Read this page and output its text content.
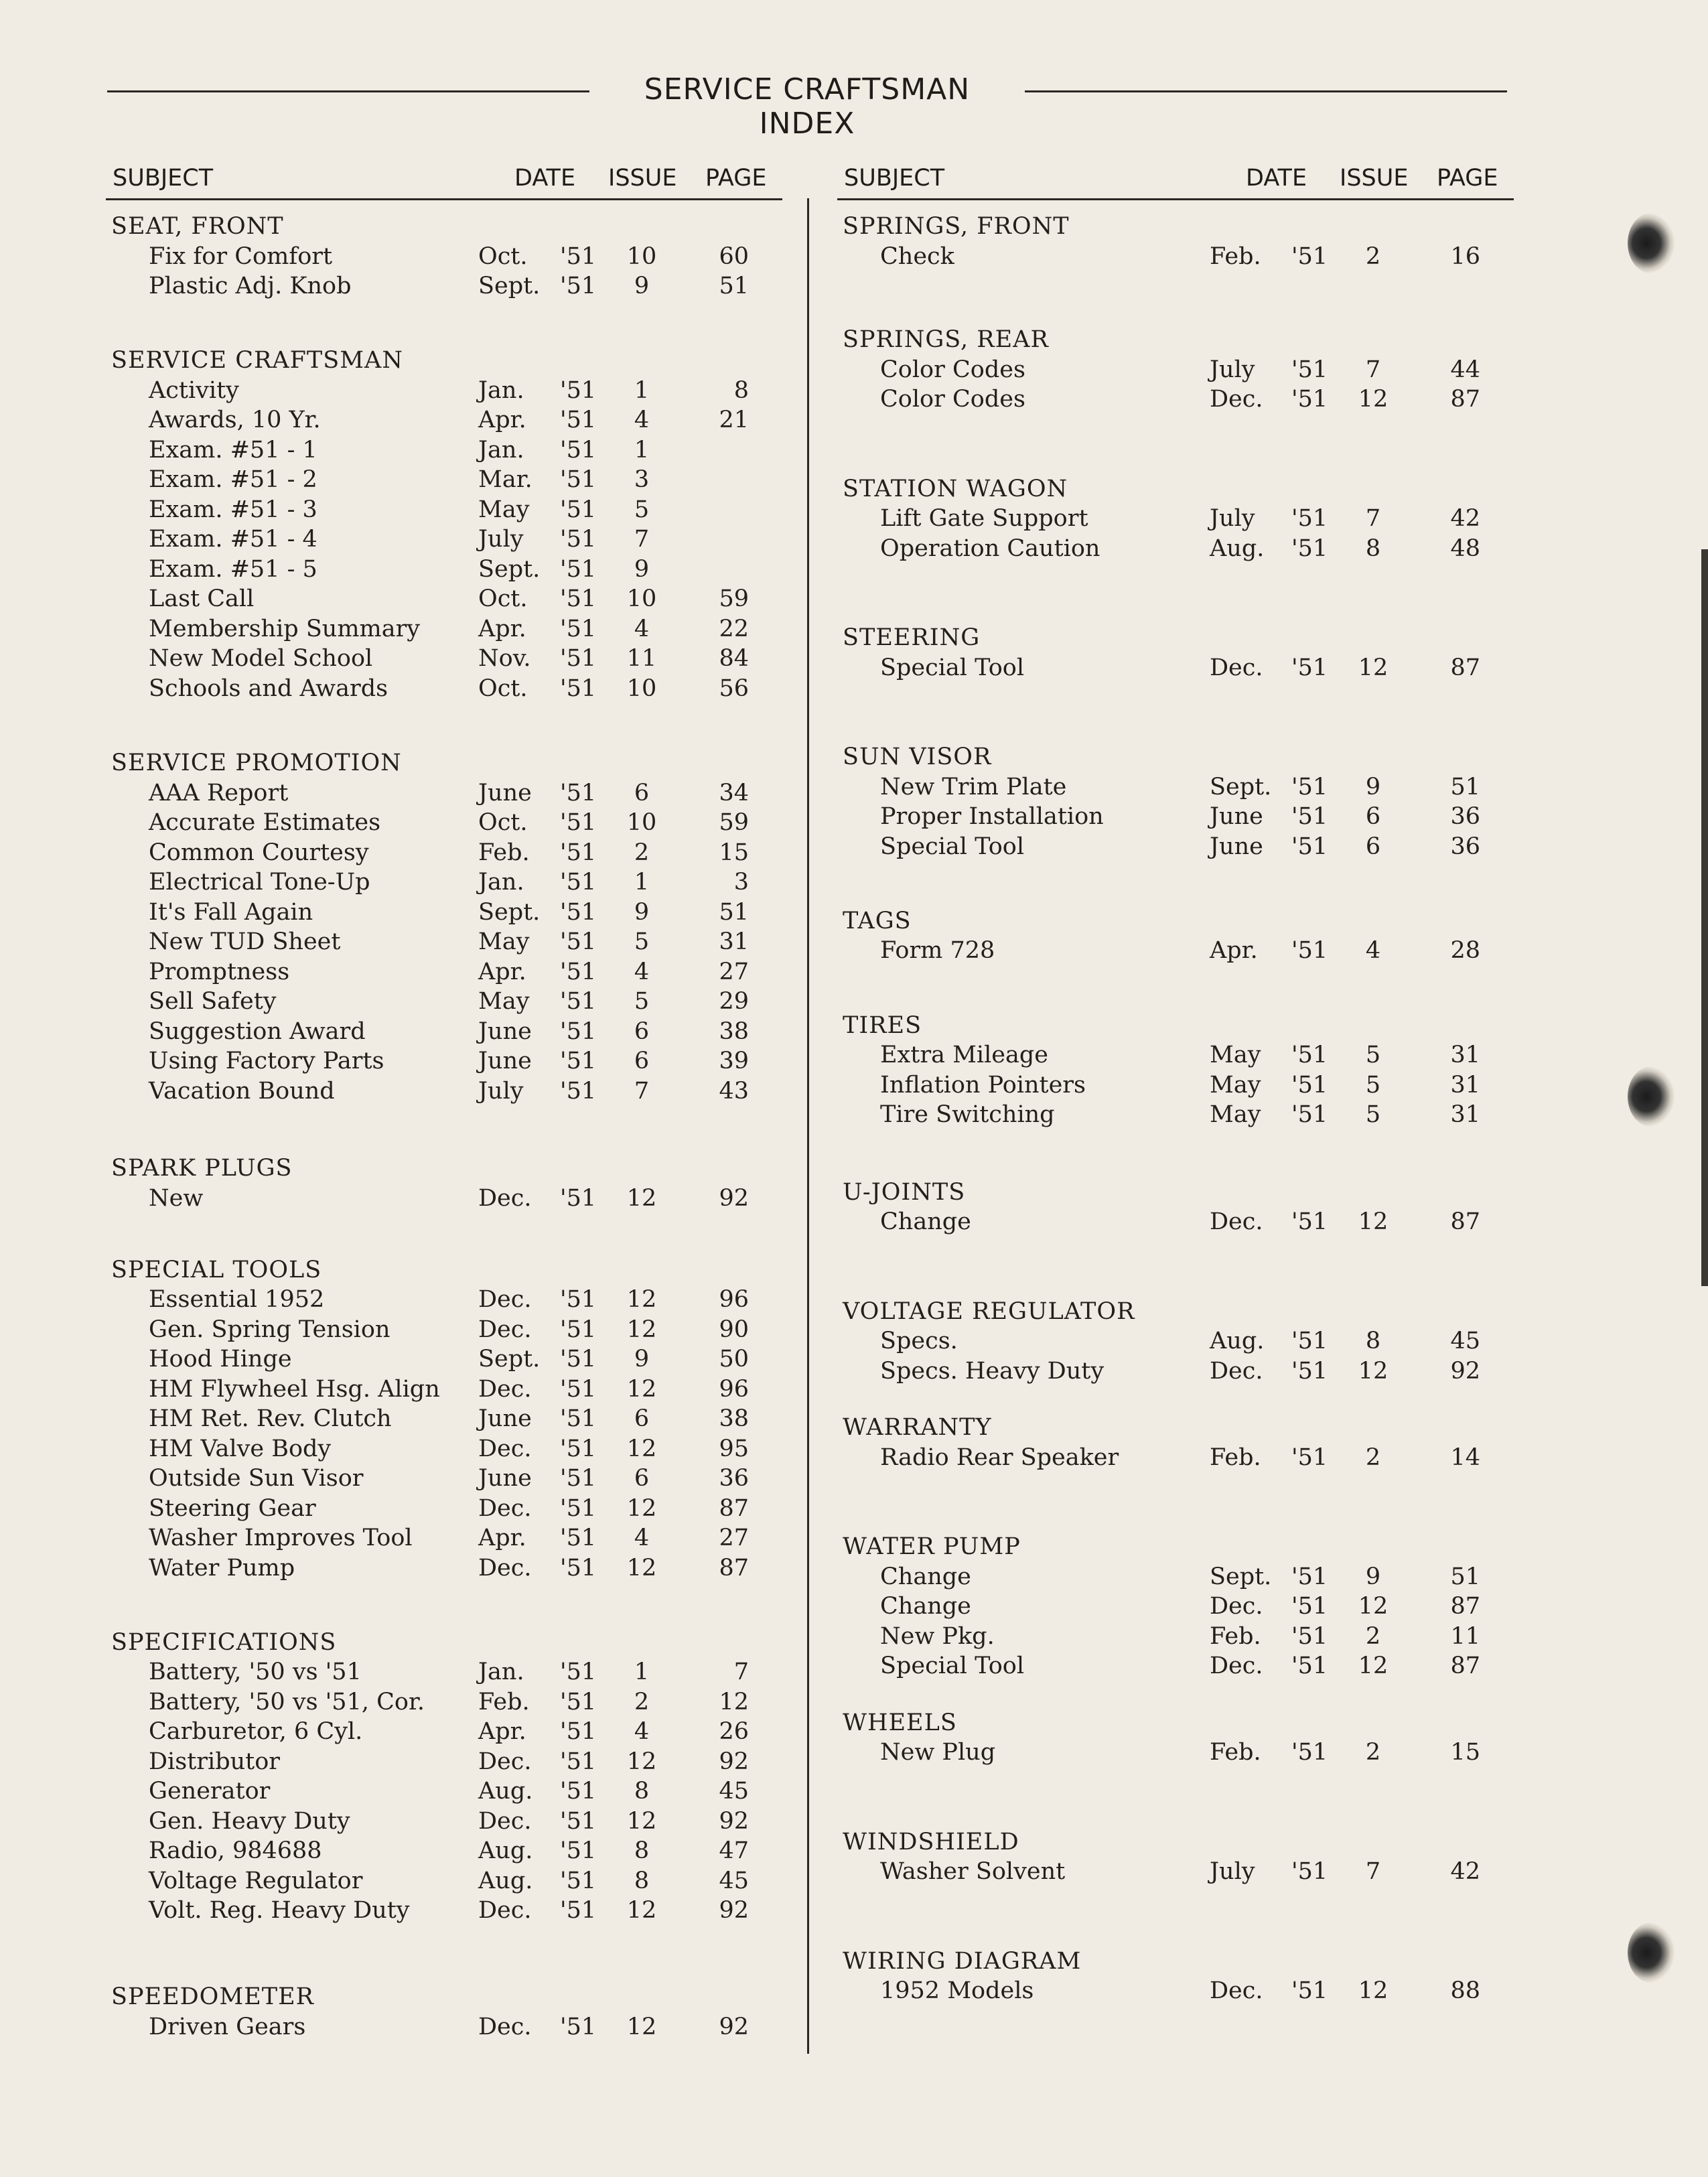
SERVICE CRAFTSMAN INDEX
SUBJECT	DATE ISSUE PAGE
SEAT, FRONT
Fix for Comfort	Oct. '51 10	60
Plastic Adj. Knob	Sept. '51	9	51
SERVICE CRAFTSMAN
Activity	Jan. '51	1	8
Awards, 10 Yr.	Apr. '51	4	21
Exam. #51 - 1	Jan. '51	1
Exam. #51 - 2	Mar. '51	3
Exam. #51 - 3	May '51	5
Exam. #51 - 4	July '51	7
Exam. #51 - 5	Sept. '51	9
Last Call	Oct. '51 10	59
Membership Summary Apr. '51	4	22
New Model School	Nov. '51 11	84
Schools and Awards	Oct. '51 10	56
SERVICE PROMOTION
AAA Report	June '51	6	34
Accurate Estimates	Oct. '51 10	59
Common Courtesy	Feb. '51	2	15
Electrical Tone-Up	Jan. '51	1	3
It's Fall Again	Sept. '51	9	51
New TUD Sheet	May '51	5	31
Promptness	Apr. '51	4	27
Sell Safety	May '51	5	29
Suggestion Award	June '51	6	38
Using Factory Parts	June '51	6	39
Vacation Bound	July '51	7	43
SPARK PLUGS
New	Dec. '51 12	92
SPECIAL TOOLS
Essential 1952	Dec. '51 12	96
Gen. Spring Tension	Dec. '51 12	90
Hood Hinge	Sept. '51	9	50
HM Flywheel Hsg. Align Dec. '51 12	96
HM Ret. Rev. Clutch	June '51	6	38
HM Valve Body	Dec. '51 12	95
Outside Sun Visor	June '51	6	36
Steering Gear	Dec. '51 12	87
Washer Improves Tool	Apr. '51	4	27
Water Pump	Dec. '51 12	87
SPECIFICATIONS
Battery, '50 vs '51	Jan. '51	1	7
Battery, '50 vs '51, Cor. Feb. '51	2	12
Carburetor, 6 Cyl.	Apr. '51	4	26
Distributor	Dec. '51 12	92
Generator	Aug. '51	8	45
Gen. Heavy Duty	Dec. '51 12	92
Radio, 984688	Aug. '51	8	47
Voltage Regulator	Aug. '51	8	45
Volt. Reg. Heavy Duty	Dec. '51 12	92
SPEEDOMETER
Driven Gears	Dec. '51 12	92
SUBJECT	DATE ISSUE PAGE
SPRINGS, FRONT
Check	Feb. '51	2	16
SPRINGS, REAR
Color Codes	July '51	7	44
Color Codes	Dec. '51 12	87
STATION WAGON
Lift Gate Support	July '51	7	42
Operation Caution	Aug. '51	8	48
STEERING
Special Tool	Dec. '51 12	87
SUN VISOR
New Trim Plate	Sept. '51	9	51
Proper Installation	June '51	6	36
Special Tool	June '51	6	36
TAGS
Form 728	Apr. '51	4	28
TIRES
Extra Mileage	May '51	5	31
Inflation Pointers	May '51	5	31
Tire Switching	May '51	5	31
U-JOINTS
Change	Dec. '51 12	87
VOLTAGE REGULATOR
Specs.	Aug. '51	8	45
Specs. Heavy Duty	Dec. '51 12	92
WARRANTY
Radio Rear Speaker	Feb. '51	2	14
WATER PUMP
Change	Sept. '51	9	51
Change	Dec. '51 12	87
New Pkg.	Feb. '51	2	11
Special Tool	Dec. '51 12	87
WHEELS
New Plug	Feb. '51	2	15
WINDSHIELD
Washer Solvent	July '51	7	42
WIRING DIAGRAM
1952 Models	Dec. '51 12	88
